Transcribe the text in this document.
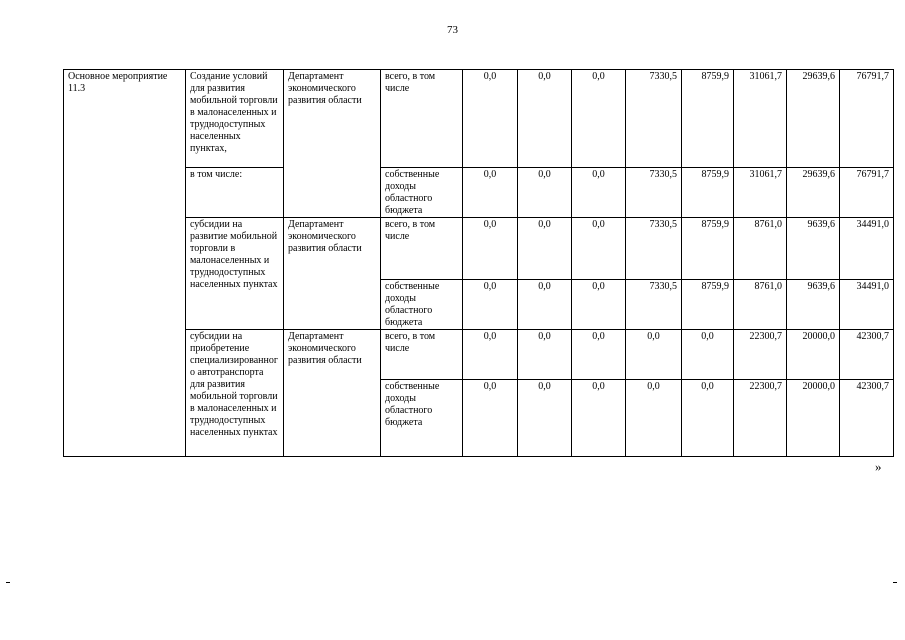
73
Основное мероприятие 11.3	Создание условий для развития мобильной торговли в малонаселенных и труднодоступных населенных пунктах,	Департамент экономического развития области	всего, в том числе	0,0	0,0	0,0	7330,5	8759,9	31061,7	29639,6	76791,7
	в том числе:		собственные доходы областного бюджета	0,0	0,0	0,0	7330,5	8759,9	31061,7	29639,6	76791,7
	субсидии на развитие мобильной торговли в малонаселенных и труднодоступных населенных пунктах	Департамент экономического развития области	всего, в том числе	0,0	0,0	0,0	7330,5	8759,9	8761,0	9639,6	34491,0
			собственные доходы областного бюджета	0,0	0,0	0,0	7330,5	8759,9	8761,0	9639,6	34491,0
	субсидии на приобретение специализированного автотранспорта для развития мобильной торговли в малонаселенных и труднодоступных населенных пунктах	Департамент экономического развития области	всего, в том числе	0,0	0,0	0,0	0,0	0,0	22300,7	20000,0	42300,7
			собственные доходы областного бюджета	0,0	0,0	0,0	0,0	0,0	22300,7	20000,0	42300,7
»
